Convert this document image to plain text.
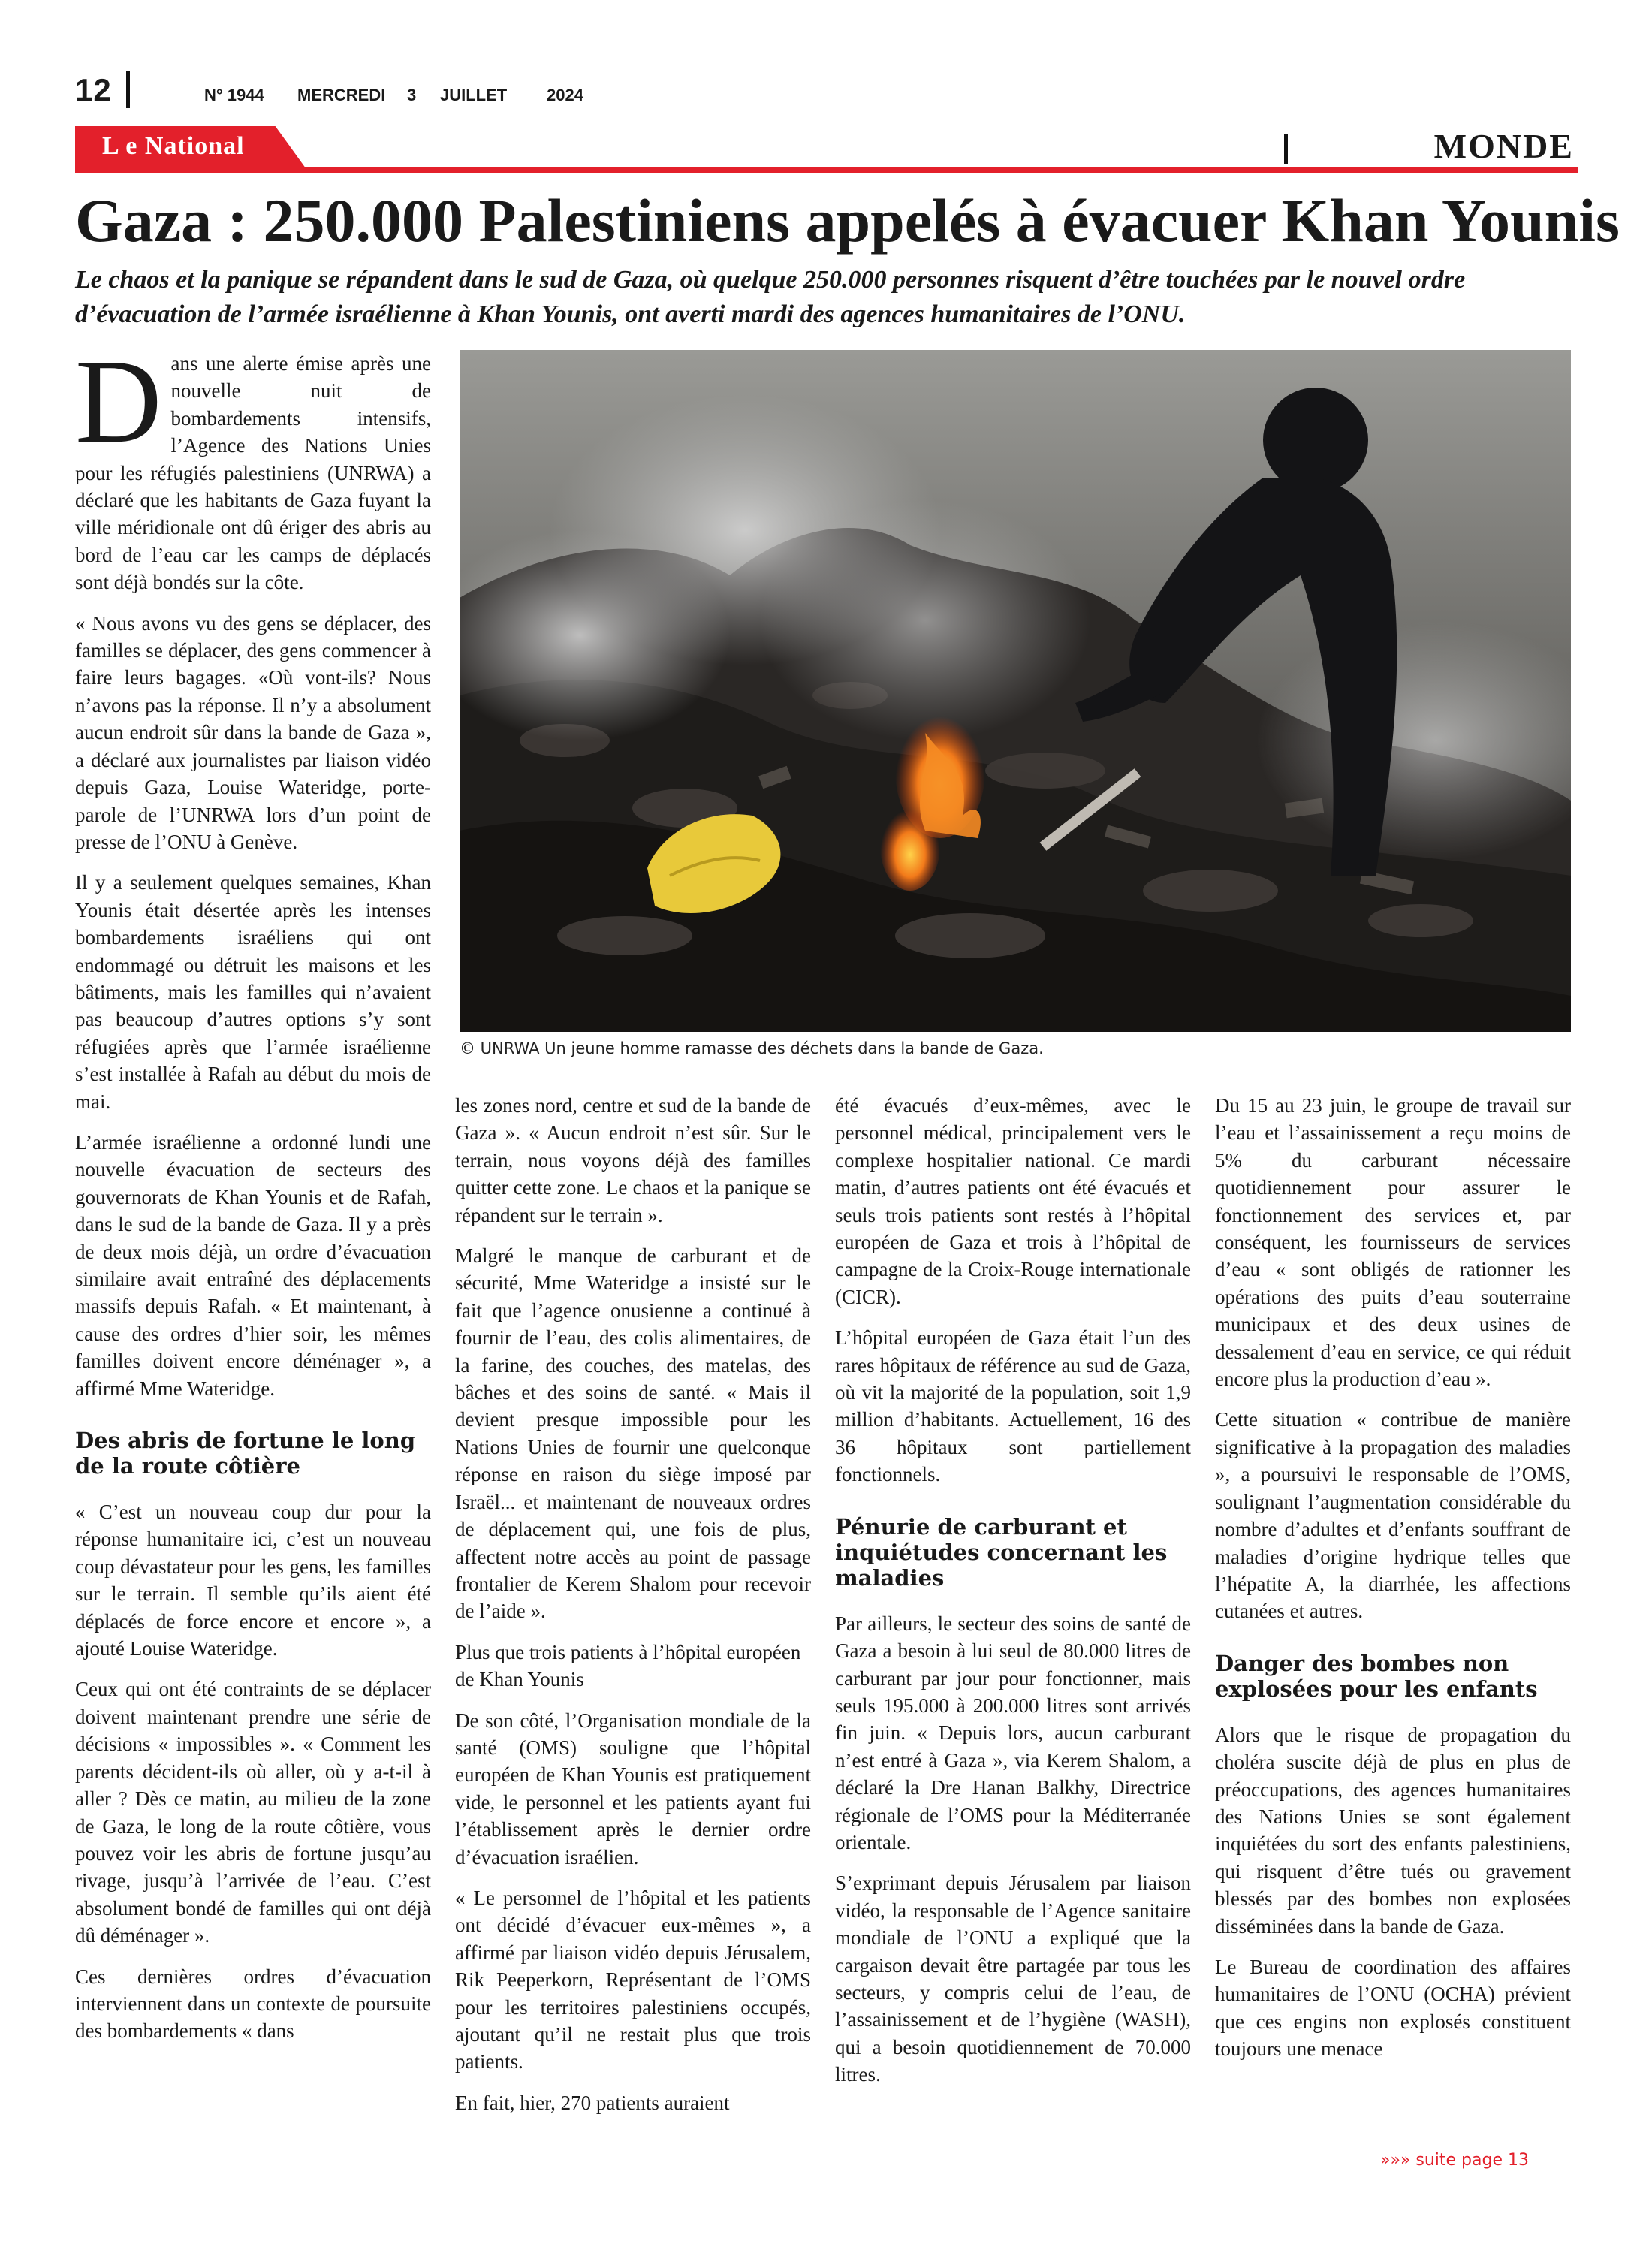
12	N° 1944 MERCREDI 3 JUILLET 2024
L e National	MONDE
Gaza : 250.000 Palestiniens appelés à évacuer Khan Younis
Le chaos et la panique se répandent dans le sud de Gaza, où quelque 250.000 personnes risquent d’être touchées par le nouvel ordre d’évacuation de l’armée israélienne à Khan Younis, ont averti mardi des agences humanitaires de l’ONU.
© UNRWA Un jeune homme ramasse des déchets dans la bande de Gaza.

Dans une alerte émise après une nouvelle nuit de bombardements intensifs, l’Agence des Nations Unies pour les réfugiés palestiniens (UNRWA) a déclaré que les habitants de Gaza fuyant la ville méridionale ont dû ériger des abris au bord de l’eau car les camps de déplacés sont déjà bondés sur la côte.

« Nous avons vu des gens se déplacer, des familles se déplacer, des gens commencer à faire leurs bagages. «Où vont-ils? Nous n’avons pas la réponse. Il n’y a absolument aucun endroit sûr dans la bande de Gaza », a déclaré aux journalistes par liaison vidéo depuis Gaza, Louise Wateridge, porte-parole de l’UNRWA lors d’un point de presse de l’ONU à Genève.

Il y a seulement quelques semaines, Khan Younis était désertée après les intenses bombardements israéliens qui ont endommagé ou détruit les maisons et les bâtiments, mais les familles qui n’avaient pas beaucoup d’autres options s’y sont réfugiées après que l’armée israélienne s’est installée à Rafah au début du mois de mai.

L’armée israélienne a ordonné lundi une nouvelle évacuation de secteurs des gouvernorats de Khan Younis et de Rafah, dans le sud de la bande de Gaza. Il y a près de deux mois déjà, un ordre d’évacuation similaire avait entraîné des déplacements massifs depuis Rafah. « Et maintenant, à cause des ordres d’hier soir, les mêmes familles doivent encore déménager », a affirmé Mme Wateridge.

Des abris de fortune le long de la route côtière

« C’est un nouveau coup dur pour la réponse humanitaire ici, c’est un nouveau coup dévastateur pour les gens, les familles sur le terrain. Il semble qu’ils aient été déplacés de force encore et encore », a ajouté Louise Wateridge.

Ceux qui ont été contraints de se déplacer doivent maintenant prendre une série de décisions « impossibles ». « Comment les parents décident-ils où aller, où y a-t-il à aller ? Dès ce matin, au milieu de la zone de Gaza, le long de la route côtière, vous pouvez voir les abris de fortune jusqu’au rivage, jusqu’à l’arrivée de l’eau. C’est absolument bondé de familles qui ont déjà dû déménager ».

Ces dernières ordres d’évacuation interviennent dans un contexte de poursuite des bombardements « dans

les zones nord, centre et sud de la bande de Gaza ». « Aucun endroit n’est sûr. Sur le terrain, nous voyons déjà des familles quitter cette zone. Le chaos et la panique se répandent sur le terrain ».

Malgré le manque de carburant et de sécurité, Mme Wateridge a insisté sur le fait que l’agence onusienne a continué à fournir de l’eau, des colis alimentaires, de la farine, des couches, des matelas, des bâches et des soins de santé. « Mais il devient presque impossible pour les Nations Unies de fournir une quelconque réponse en raison du siège imposé par Israël... et maintenant de nouveaux ordres de déplacement qui, une fois de plus, affectent notre accès au point de passage frontalier de Kerem Shalom pour recevoir de l’aide ».

Plus que trois patients à l’hôpital européen de Khan Younis

De son côté, l’Organisation mondiale de la santé (OMS) souligne que l’hôpital européen de Khan Younis est pratiquement vide, le personnel et les patients ayant fui l’établissement après le dernier ordre d’évacuation israélien.

« Le personnel de l’hôpital et les patients ont décidé d’évacuer eux-mêmes », a affirmé par liaison vidéo depuis Jérusalem, Rik Peeperkorn, Représentant de l’OMS pour les territoires palestiniens occupés, ajoutant qu’il ne restait plus que trois patients.

En fait, hier, 270 patients auraient

été évacués d’eux-mêmes, avec le personnel médical, principalement vers le complexe hospitalier national. Ce mardi matin, d’autres patients ont été évacués et seuls trois patients sont restés à l’hôpital européen de Gaza et trois à l’hôpital de campagne de la Croix-Rouge internationale (CICR).

L’hôpital européen de Gaza était l’un des rares hôpitaux de référence au sud de Gaza, où vit la majorité de la population, soit 1,9 million d’habitants. Actuellement, 16 des 36 hôpitaux sont partiellement fonctionnels.

Pénurie de carburant et inquiétudes concernant les maladies

Par ailleurs, le secteur des soins de santé de Gaza a besoin à lui seul de 80.000 litres de carburant par jour pour fonctionner, mais seuls 195.000 à 200.000 litres sont arrivés fin juin. « Depuis lors, aucun carburant n’est entré à Gaza », via Kerem Shalom, a déclaré la Dre Hanan Balkhy, Directrice régionale de l’OMS pour la Méditerranée orientale.

S’exprimant depuis Jérusalem par liaison vidéo, la responsable de l’Agence sanitaire mondiale de l’ONU a expliqué que la cargaison devait être partagée par tous les secteurs, y compris celui de l’eau, de l’assainissement et de l’hygiène (WASH), qui a besoin quotidiennement de 70.000 litres.

Du 15 au 23 juin, le groupe de travail sur l’eau et l’assainissement a reçu moins de 5% du carburant nécessaire quotidiennement pour assurer le fonctionnement des services et, par conséquent, les fournisseurs de services d’eau « sont obligés de rationner les opérations des puits d’eau souterraine municipaux et des deux usines de dessalement d’eau en service, ce qui réduit encore plus la production d’eau ».

Cette situation « contribue de manière significative à la propagation des maladies », a poursuivi le responsable de l’OMS, soulignant l’augmentation considérable du nombre d’adultes et d’enfants souffrant de maladies d’origine hydrique telles que l’hépatite A, la diarrhée, les affections cutanées et autres.

Danger des bombes non explosées pour les enfants

Alors que le risque de propagation du choléra suscite déjà de plus en plus de préoccupations, des agences humanitaires des Nations Unies se sont également inquiétées du sort des enfants palestiniens, qui risquent d’être tués ou gravement blessés par des bombes non explosées disséminées dans la bande de Gaza.

Le Bureau de coordination des affaires humanitaires de l’ONU (OCHA) prévient que ces engins non explosés constituent toujours une menace

»»» suite page 13
